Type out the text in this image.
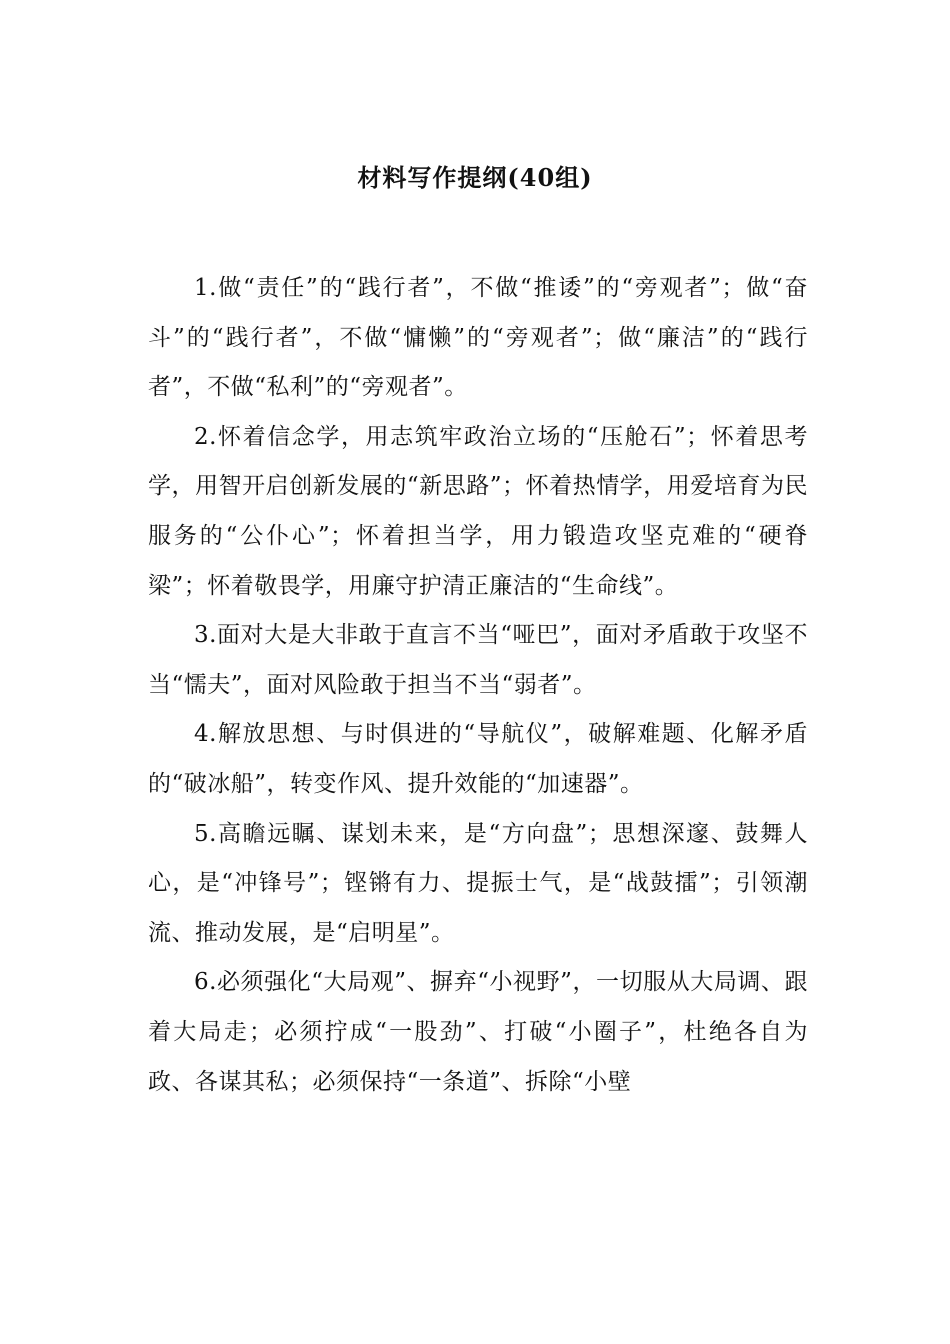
材料写作提纲(40组)

1.做“责任”的“践行者”，不做“推诿”的“旁观者”；做“奋斗”的“践行者”，不做“慵懒”的“旁观者”；做“廉洁”的“践行者”，不做“私利”的“旁观者”。

2.怀着信念学，用志筑牢政治立场的“压舱石”；怀着思考学，用智开启创新发展的“新思路”；怀着热情学，用爱培育为民服务的“公仆心”；怀着担当学，用力锻造攻坚克难的“硬脊梁”；怀着敬畏学，用廉守护清正廉洁的“生命线”。

3.面对大是大非敢于直言不当“哑巴”，面对矛盾敢于攻坚不当“懦夫”，面对风险敢于担当不当“弱者”。

4.解放思想、与时俱进的“导航仪”，破解难题、化解矛盾的“破冰船”，转变作风、提升效能的“加速器”。

5.高瞻远瞩、谋划未来，是“方向盘”；思想深邃、鼓舞人心，是“冲锋号”；铿锵有力、提振士气，是“战鼓擂”；引领潮流、推动发展，是“启明星”。

6.必须强化“大局观”、摒弃“小视野”，一切服从大局调、跟着大局走；必须拧成“一股劲”、打破“小圈子”，杜绝各自为政、各谋其私；必须保持“一条道”、拆除“小壁
